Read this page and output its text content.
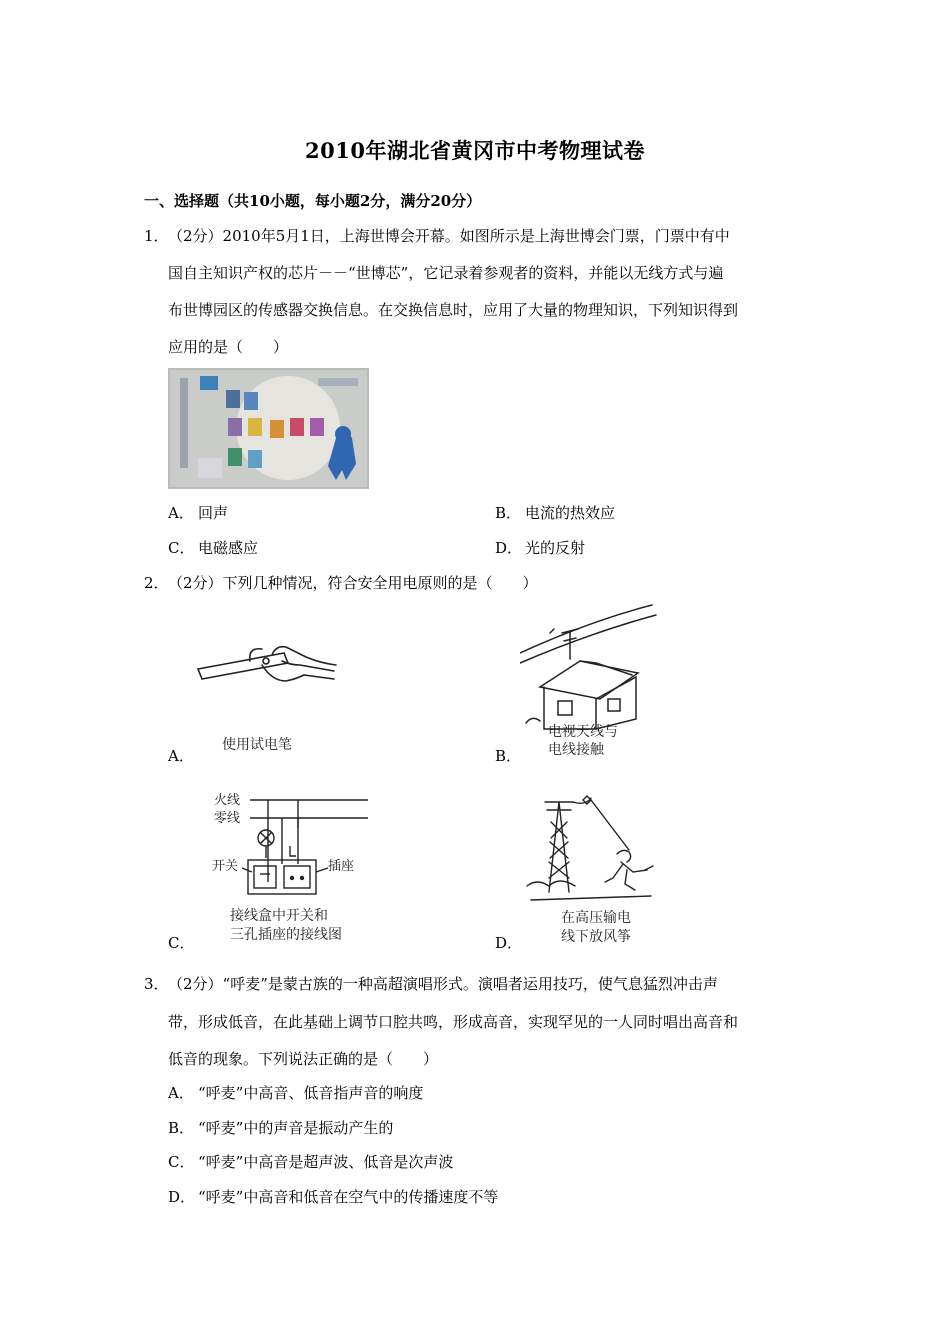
2010年湖北省黄冈市中考物理试卷
一、选择题（共10小题，每小题2分，满分20分）
1．（2分）2010年5月1日，上海世博会开幕。如图所示是上海世博会门票，门票中有中
国自主知识产权的芯片－－“世博芯”，它记录着参观者的资料，并能以无线方式与遍
布世博园区的传感器交换信息。在交换信息时，应用了大量的物理知识，下列知识得到
应用的是（　　）
A． 回声	B． 电流的热效应
C． 电磁感应	D． 光的反射
2．（2分）下列几种情况，符合安全用电原则的是（　　）
A．
使用试电笔
B．
电视天线与
电线接触
C．
火线
零线
开关	插座
接线盒中开关和
三孔插座的接线图	D．
在高压输电
线下放风筝
3．（2分）“呼麦”是蒙古族的一种高超演唱形式。演唱者运用技巧，使气息猛烈冲击声
带，形成低音，在此基础上调节口腔共鸣，形成高音，实现罕见的一人同时唱出高音和
低音的现象。下列说法正确的是（　　）
A． “呼麦”中高音、低音指声音的响度
B． “呼麦”中的声音是振动产生的
C． “呼麦”中高音是超声波、低音是次声波
D． “呼麦”中高音和低音在空气中的传播速度不等
